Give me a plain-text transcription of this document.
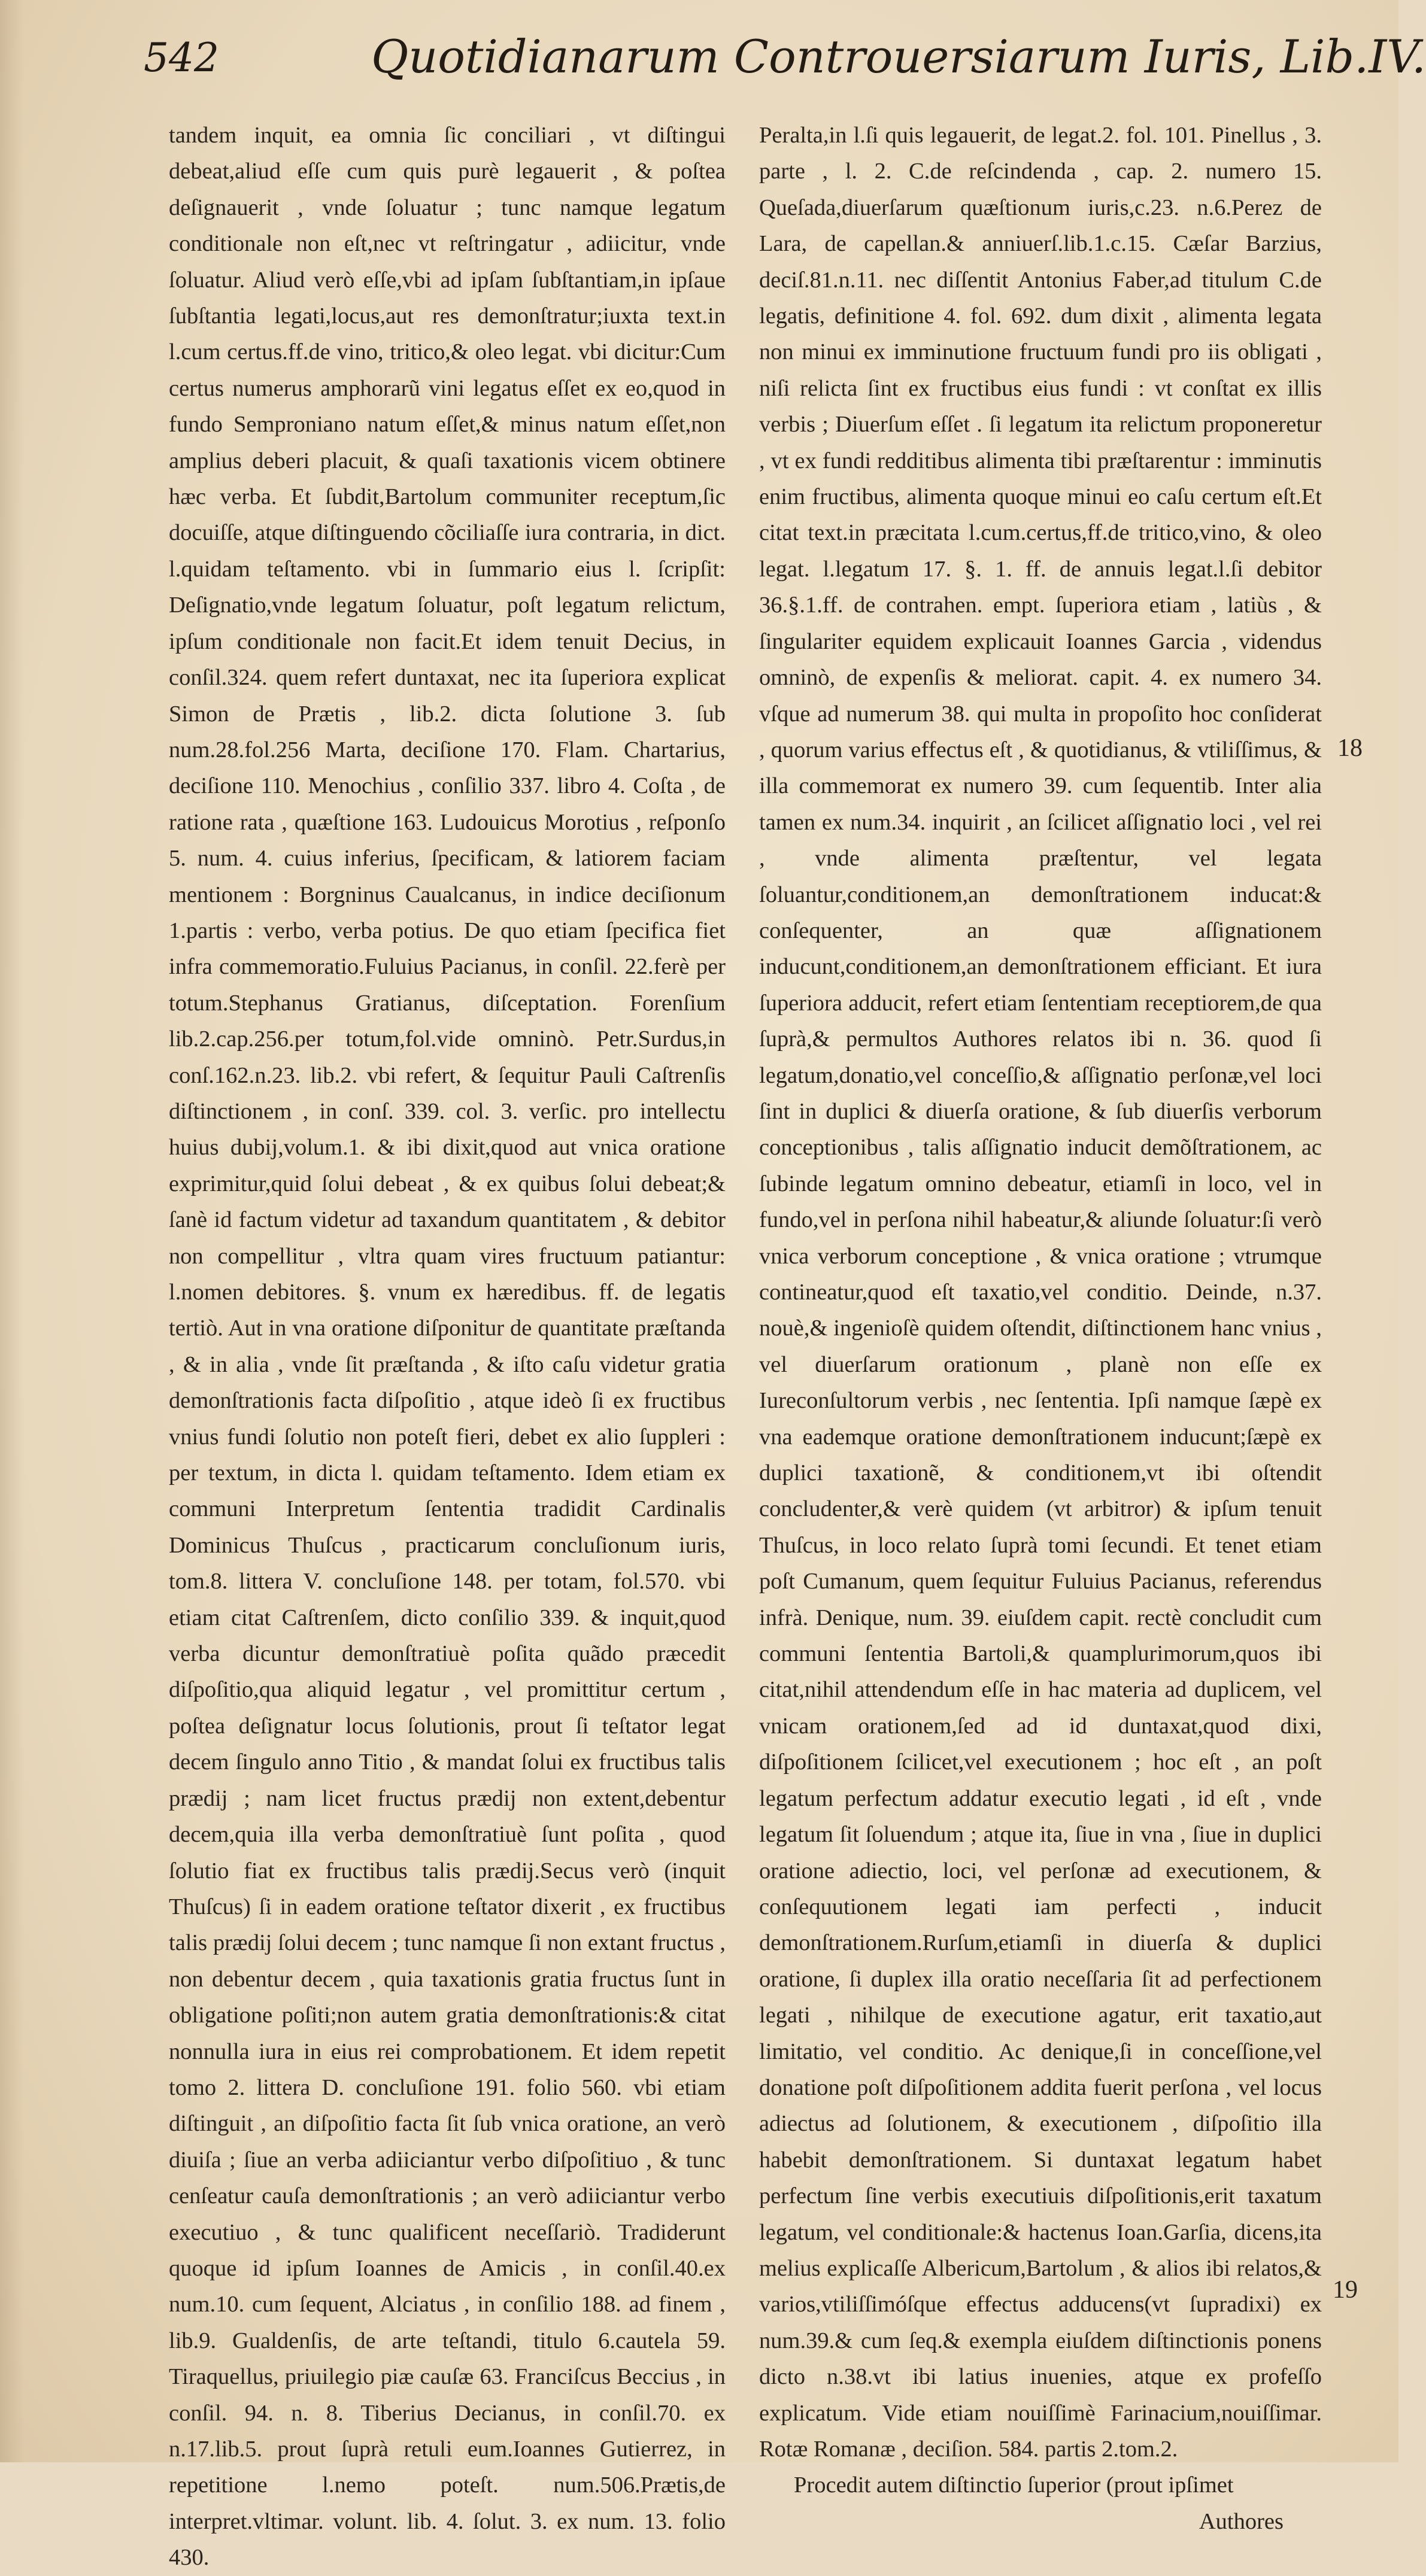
542	Quotidianarum Controuersiarum Iuris, Lib.IV.

tandem inquit, ea omnia ſic conciliari , vt diſtingui debeat,aliud eſſe cum quis purè legauerit , & poſtea deſignauerit , vnde ſoluatur ; tunc namque legatum conditionale non eſt,nec vt reſtringatur , adiicitur, vnde ſoluatur. Aliud verò eſſe,vbi ad ipſam ſubſtantiam,in ipſaue ſubſtantia legati,locus,aut res demonſtratur;iuxta text.in l.cum certus.ff.de vino, tritico,& oleo legat. vbi dicitur:Cum certus numerus amphorarũ vini legatus eſſet ex eo,quod in fundo Semproniano natum eſſet,& minus natum eſſet,non amplius deberi placuit, & quaſi taxationis vicem obtinere hæc verba. Et ſubdit,Bartolum communiter receptum,ſic docuiſſe, atque diſtinguendo cõciliaſſe iura contraria, in dict. l.quidam teſtamento. vbi in ſummario eius l. ſcripſit: Deſignatio,vnde legatum ſoluatur, poſt legatum relictum, ipſum conditionale non facit.Et idem tenuit Decius, in conſil.324. quem refert duntaxat, nec ita ſuperiora explicat Simon de Prætis , lib.2. dicta ſolutione 3. ſub num.28.fol.256 Marta, deciſione 170. Flam. Chartarius, deciſione 110. Menochius , conſilio 337. libro 4. Coſta , de ratione rata , quæſtione 163. Ludouicus Morotius , reſponſo 5. num. 4. cuius inferius, ſpecificam, & latiorem faciam mentionem : Borgninus Caualcanus, in indice deciſionum 1.partis : verbo, verba potius. De quo etiam ſpecifica fiet infra commemoratio.Fuluius Pacianus, in conſil. 22.ferè per totum.Stephanus Gratianus, diſceptation. Forenſium lib.2.cap.256.per totum,fol.vide omninò. Petr.Surdus,in conſ.162.n.23. lib.2. vbi refert, & ſequitur Pauli Caſtrenſis diſtinctionem , in conſ. 339. col. 3. verſic. pro intellectu huius dubij,volum.1. & ibi dixit,quod aut vnica oratione exprimitur,quid ſolui debeat , & ex quibus ſolui debeat;& ſanè id factum videtur ad taxandum quantitatem , & debitor non compellitur , vltra quam vires fructuum patiantur: l.nomen debitores. §. vnum ex hæredibus. ff. de legatis tertiò. Aut in vna oratione diſponitur de quantitate præſtanda , & in alia , vnde ſit præſtanda , & iſto caſu videtur gratia demonſtrationis facta diſpoſitio , atque ideò ſi ex fructibus vnius fundi ſolutio non poteſt fieri, debet ex alio ſuppleri : per textum, in dicta l. quidam teſtamento. Idem etiam ex communi Interpretum ſententia tradidit Cardinalis Dominicus Thuſcus , practicarum concluſionum iuris, tom.8. littera V. concluſione 148. per totam, fol.570. vbi etiam citat Caſtrenſem, dicto conſilio 339. & inquit,quod verba dicuntur demonſtratiuè poſita quãdo præcedit diſpoſitio,qua aliquid legatur , vel promittitur certum , poſtea deſignatur locus ſolutionis, prout ſi teſtator legat decem ſingulo anno Titio , & mandat ſolui ex fructibus talis prædij ; nam licet fructus prædij non extent,debentur decem,quia illa verba demonſtratiuè ſunt poſita , quod ſolutio fiat ex fructibus talis prædij.Secus verò (inquit Thuſcus) ſi in eadem oratione teſtator dixerit , ex fructibus talis prædij ſolui decem ; tunc namque ſi non extant fructus , non debentur decem , quia taxationis gratia fructus ſunt in obligatione poſiti;non autem gratia demonſtrationis:& citat nonnulla iura in eius rei comprobationem. Et idem repetit tomo 2. littera D. concluſione 191. folio 560. vbi etiam diſtinguit , an diſpoſitio facta ſit ſub vnica oratione, an verò diuiſa ; ſiue an verba adiiciantur verbo diſpoſitiuo , & tunc cenſeatur cauſa demonſtrationis ; an verò adiiciantur verbo executiuo , & tunc qualificent neceſſariò. Tradiderunt quoque id ipſum Ioannes de Amicis , in conſil.40.ex num.10. cum ſequent, Alciatus , in conſilio 188. ad finem , lib.9. Gualdenſis, de arte teſtandi, titulo 6.cautela 59. Tiraquellus, priuilegio piæ cauſæ 63. Franciſcus Beccius , in conſil. 94. n. 8. Tiberius Decianus, in conſil.70. ex n.17.lib.5. prout ſuprà retuli eum.Ioannes Gutierrez, in repetitione l.nemo poteſt. num.506.Prætis,de interpret.vltimar. volunt. lib. 4. ſolut. 3. ex num. 13. folio 430.

Peralta,in l.ſi quis legauerit, de legat.2. fol. 101. Pinellus , 3. parte , l. 2. C.de reſcindenda , cap. 2. numero 15. Queſada,diuerſarum quæſtionum iuris,c.23. n.6.Perez de Lara, de capellan.& anniuerſ.lib.1.c.15. Cæſar Barzius, deciſ.81.n.11. nec diſſentit Antonius Faber,ad titulum C.de legatis, definitione 4. fol. 692. dum dixit , alimenta legata non minui ex imminutione fructuum fundi pro iis obligati , niſi relicta ſint ex fructibus eius fundi : vt conſtat ex illis verbis ; Diuerſum eſſet . ſi legatum ita relictum proponeretur , vt ex fundi redditibus alimenta tibi præſtarentur : imminutis enim fructibus, alimenta quoque minui eo caſu certum eſt.Et citat text.in præcitata l.cum.certus,ff.de tritico,vino, & oleo legat. l.legatum 17. §. 1. ff. de annuis legat.l.ſi debitor 36.§.1.ff. de contrahen. empt. ſuperiora etiam , latiùs , & ſingulariter equidem explicauit Ioannes Garcia , videndus omninò, de expenſis & meliorat. capit. 4. ex numero 34. vſque ad numerum 38. qui multa in propoſito hoc conſiderat , quorum varius effectus eſt , & quotidianus, & vtiliſſimus, & illa commemorat ex numero 39. cum ſequentib. Inter alia tamen ex num.34. inquirit , an ſcilicet aſſignatio loci , vel rei , vnde alimenta præſtentur, vel legata ſoluantur,conditionem,an demonſtrationem inducat:& conſequenter, an quæ aſſignationem inducunt,conditionem,an demonſtrationem efficiant. Et iura ſuperiora adducit, refert etiam ſententiam receptiorem,de qua ſuprà,& permultos Authores relatos ibi n. 36. quod ſi legatum,donatio,vel conceſſio,& aſſignatio perſonæ,vel loci ſint in duplici & diuerſa oratione, & ſub diuerſis verborum conceptionibus , talis aſſignatio inducit demõſtrationem, ac ſubinde legatum omnino debeatur, etiamſi in loco, vel in fundo,vel in perſona nihil habeatur,& aliunde ſoluatur:ſi verò vnica verborum conceptione , & vnica oratione ; vtrumque contineatur,quod eſt taxatio,vel conditio. Deinde, n.37. nouè,& ingenioſè quidem oſtendit, diſtinctionem hanc vnius , vel diuerſarum orationum , planè non eſſe ex Iureconſultorum verbis , nec ſententia. Ipſi namque ſæpè ex vna eademque oratione demonſtrationem inducunt;ſæpè ex duplici taxationẽ, & conditionem,vt ibi oſtendit concludenter,& verè quidem (vt arbitror) & ipſum tenuit Thuſcus, in loco relato ſuprà tomi ſecundi. Et tenet etiam poſt Cumanum, quem ſequitur Fuluius Pacianus, referendus infrà. Denique, num. 39. eiuſdem capit. rectè concludit cum communi ſententia Bartoli,& quamplurimorum,quos ibi citat,nihil attendendum eſſe in hac materia ad duplicem, vel vnicam orationem,ſed ad id duntaxat,quod dixi, diſpoſitionem ſcilicet,vel executionem ; hoc eſt , an poſt legatum perfectum addatur executio legati , id eſt , vnde legatum ſit ſoluendum ; atque ita, ſiue in vna , ſiue in duplici oratione adiectio, loci, vel perſonæ ad executionem, & conſequutionem legati iam perfecti , inducit demonſtrationem.Rurſum,etiamſi in diuerſa & duplici oratione, ſi duplex illa oratio neceſſaria ſit ad perfectionem legati , nihilque de executione agatur, erit taxatio,aut limitatio, vel conditio. Ac denique,ſi in conceſſione,vel donatione poſt diſpoſitionem addita fuerit perſona , vel locus adiectus ad ſolutionem, & executionem , diſpoſitio illa habebit demonſtrationem. Si duntaxat legatum habet perfectum ſine verbis executiuis diſpoſitionis,erit taxatum legatum, vel conditionale:& hactenus Ioan.Garſia, dicens,ita melius explicaſſe Albericum,Bartolum , & alios ibi relatos,& varios,vtiliſſimóſque effectus adducens(vt ſupradixi) ex num.39.& cum ſeq.& exempla eiuſdem diſtinctionis ponens dicto n.38.vt ibi latius inuenies, atque ex profeſſo explicatum. Vide etiam nouiſſimè Farinacium,nouiſſimar. Rotæ Romanæ , deciſion. 584. partis 2.tom.2.

Procedit autem diſtinctio ſuperior (prout ipſimet

Authores
18
19
